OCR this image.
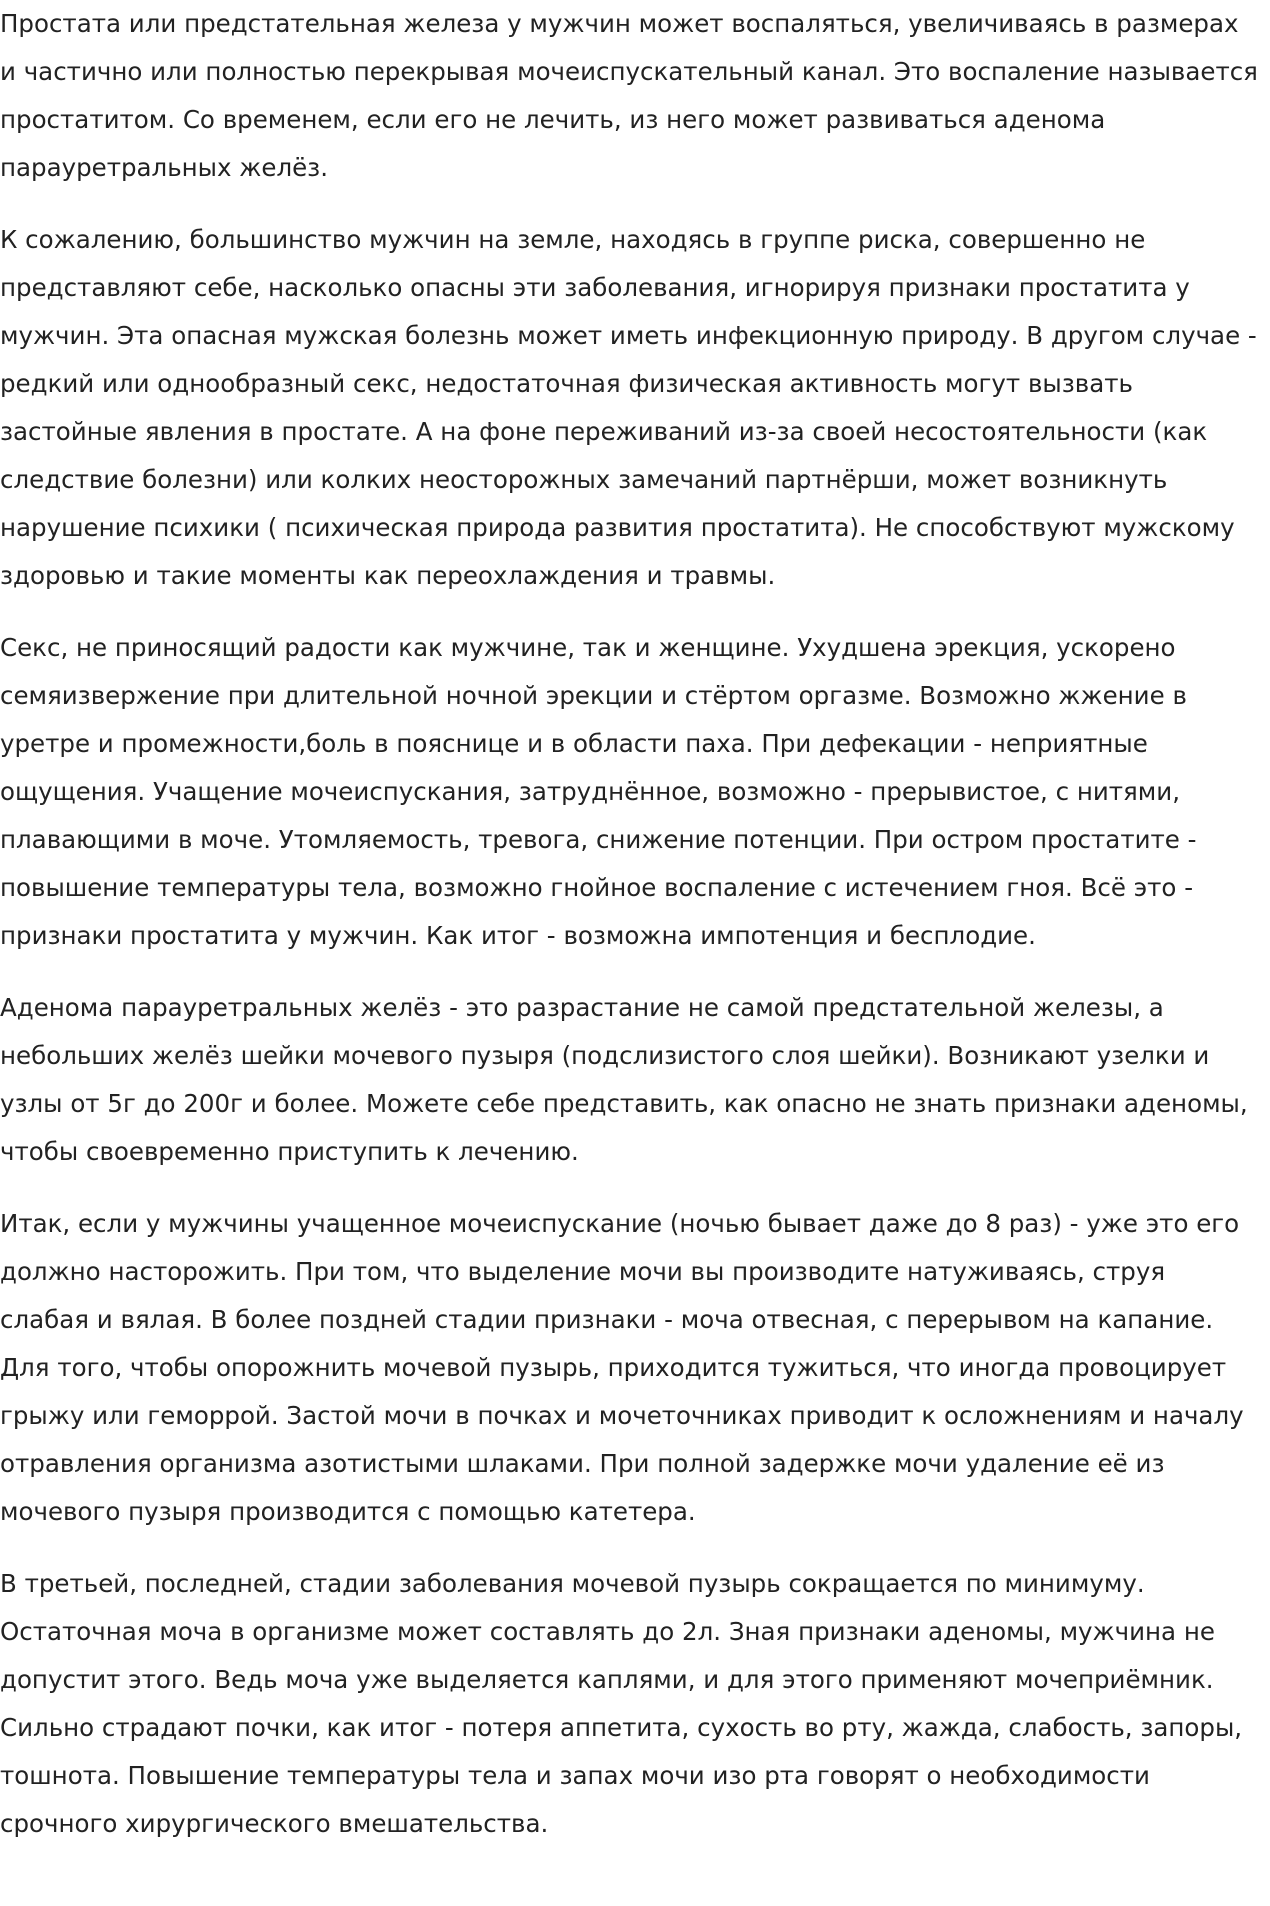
Простата или предстательная железа у мужчин может воспаляться, увеличиваясь в размерах и частично или полностью перекрывая мочеиспускательный канал. Это воспаление называется простатитом. Со временем, если его не лечить, из него может развиваться аденома парауретральных желёз.

К сожалению, большинство мужчин на земле, находясь в группе риска, совершенно не представляют себе, насколько опасны эти заболевания, игнорируя признаки простатита у мужчин. Эта опасная мужская болезнь может иметь инфекционную природу. В другом случае - редкий или однообразный секс, недостаточная физическая активность могут вызвать застойные явления в простате. А на фоне переживаний из-за своей несостоятельности (как следствие болезни) или колких неосторожных замечаний партнёрши, может возникнуть нарушение психики ( психическая природа развития простатита). Не способствуют мужскому здоровью и такие моменты как переохлаждения и травмы.

Секс, не приносящий радости как мужчине, так и женщине. Ухудшена эрекция, ускорено семяизвержение при длительной ночной эрекции и стёртом оргазме. Возможно жжение в уретре и промежности,боль в пояснице и в области паха. При дефекации - неприятные ощущения. Учащение мочеиспускания, затруднённое, возможно - прерывистое, с нитями, плавающими в моче. Утомляемость, тревога, снижение потенции. При остром простатите - повышение температуры тела, возможно гнойное воспаление с истечением гноя. Всё это - признаки простатита у мужчин. Как итог - возможна импотенция и бесплодие.

Аденома парауретральных желёз - это разрастание не самой предстательной железы, а небольших желёз шейки мочевого пузыря (подслизистого слоя шейки). Возникают узелки и узлы от 5г до 200г и более. Можете себе представить, как опасно не знать признаки аденомы, чтобы своевременно приступить к лечению.

Итак, если у мужчины учащенное мочеиспускание (ночью бывает даже до 8 раз) - уже это его должно насторожить. При том, что выделение мочи вы производите натуживаясь, струя слабая и вялая. В более поздней стадии признаки - моча отвесная, с перерывом на капание. Для того, чтобы опорожнить мочевой пузырь, приходится тужиться, что иногда провоцирует грыжу или геморрой. Застой мочи в почках и мочеточниках приводит к осложнениям и началу отравления организма азотистыми шлаками. При полной задержке мочи удаление её из мочевого пузыря производится с помощью катетера.

В третьей, последней, стадии заболевания мочевой пузырь сокращается по минимуму. Остаточная моча в организме может составлять до 2л. Зная признаки аденомы, мужчина не допустит этого. Ведь моча уже выделяется каплями, и для этого применяют мочеприёмник. Сильно страдают почки, как итог - потеря аппетита, сухость во рту, жажда, слабость, запоры, тошнота. Повышение температуры тела и запах мочи изо рта говорят о необходимости срочного хирургического вмешательства.
